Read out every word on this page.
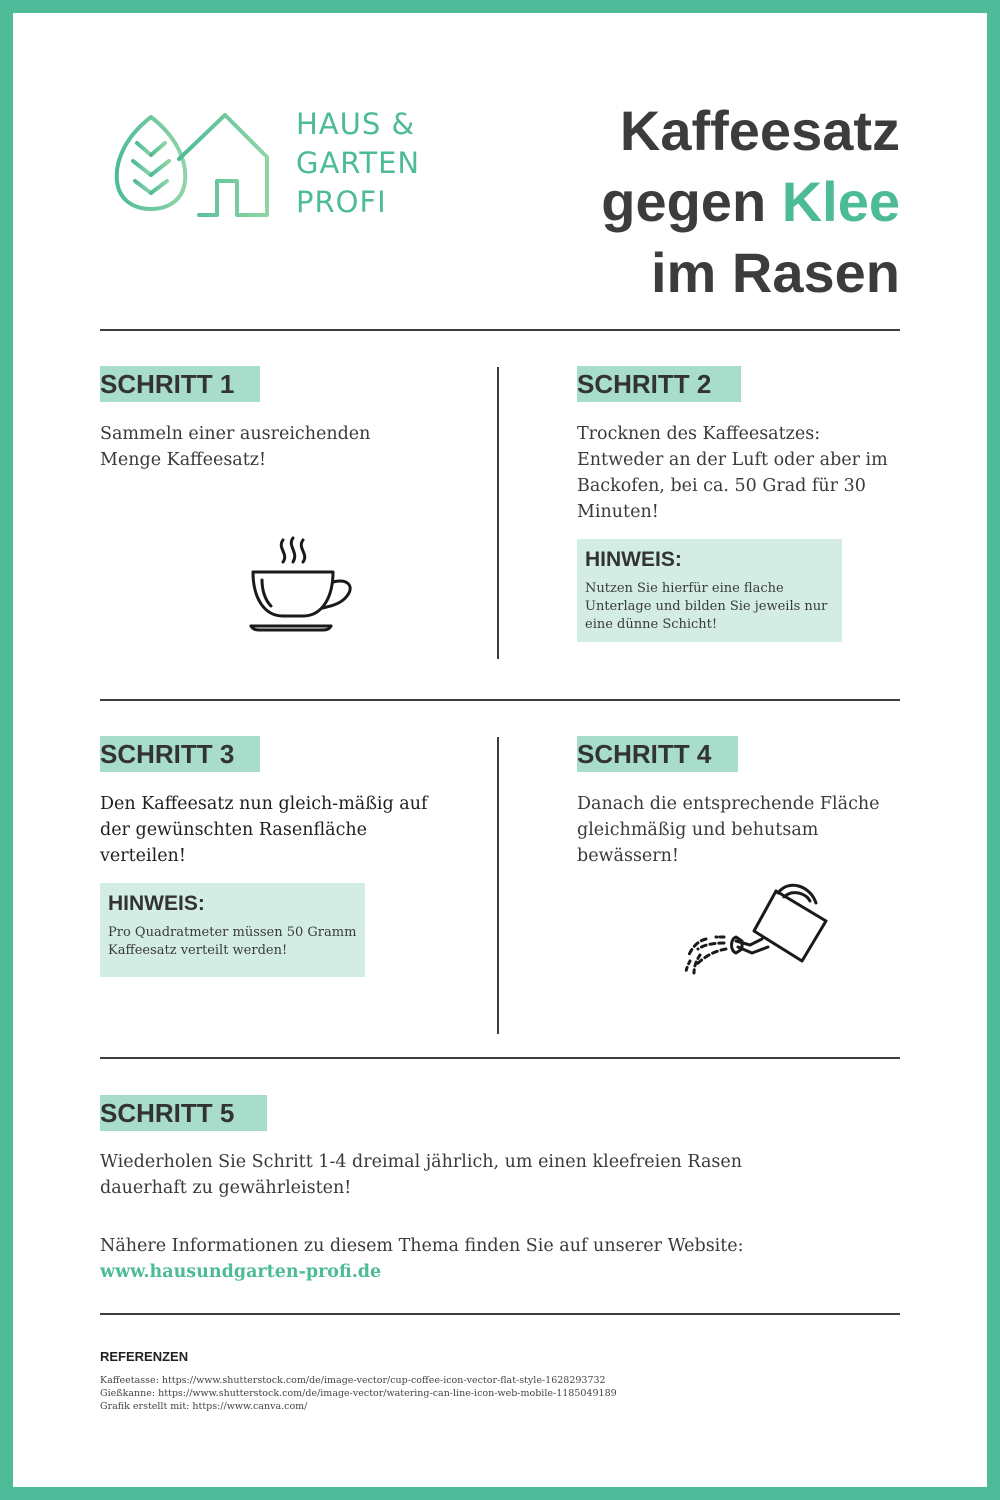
HAUS &
GARTEN
PROFI
Kaffeesatz
gegen Klee
im Rasen
SCHRITT 1
Sammeln einer ausreichenden Menge Kaffeesatz!
SCHRITT 2
Trocknen des Kaffeesatzes: Entweder an der Luft oder aber im Backofen, bei ca. 50 Grad für 30 Minuten!
HINWEIS:
Nutzen Sie hierfür eine flache Unterlage und bilden Sie jeweils nur eine dünne Schicht!
SCHRITT 3
Den Kaffeesatz nun gleich-mäßig auf der gewünschten Rasenfläche verteilen!
HINWEIS:
Pro Quadratmeter müssen 50 Gramm Kaffeesatz verteilt werden!
SCHRITT 4
Danach die entsprechende Fläche gleichmäßig und behutsam bewässern!
SCHRITT 5
Wiederholen Sie Schritt 1-4 dreimal jährlich, um einen kleefreien Rasen dauerhaft zu gewährleisten!
Nähere Informationen zu diesem Thema finden Sie auf unserer Website:
www.hausundgarten-profi.de
REFERENZEN
Kaffeetasse: https://www.shutterstock.com/de/image-vector/cup-coffee-icon-vector-flat-style-1628293732
Gießkanne: https://www.shutterstock.com/de/image-vector/watering-can-line-icon-web-mobile-1185049189
Grafik erstellt mit: https://www.canva.com/
